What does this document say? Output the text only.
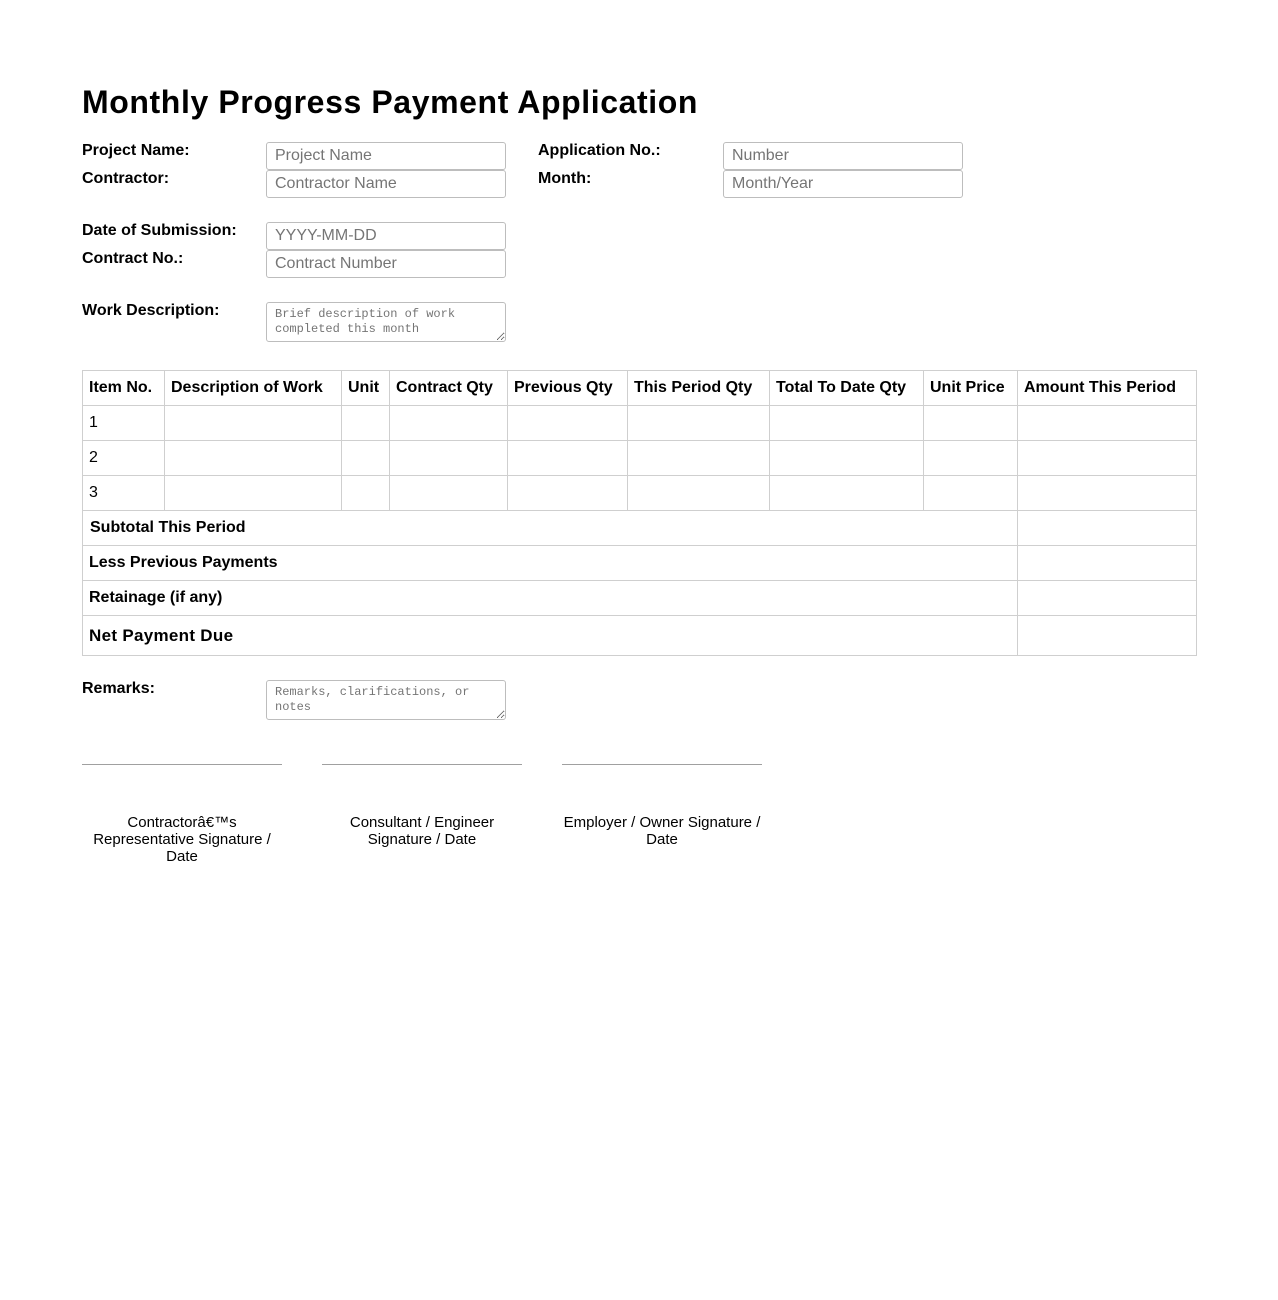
Monthly Progress Payment Application
Project Name:
Project Name	Application No.:
Number
Contractor:
Contractor Name	Month:
Month/Year
Date of Submission:
YYYY-MM-DD
Contract No.:
Contract Number
Work Description:
Brief description of work completed this month
Item No.	Description of Work	Unit	Contract Qty	Previous Qty	This Period Qty	Total To Date Qty	Unit Price	Amount This Period
1								
2								
3								
Subtotal This Period								
Less Previous Payments								
Retainage (if any)								
Net Payment Due								
Remarks:
Remarks, clarifications, or notes
Contractorâ€™s Representative Signature / Date
Consultant / Engineer Signature / Date
Employer / Owner Signature / Date
